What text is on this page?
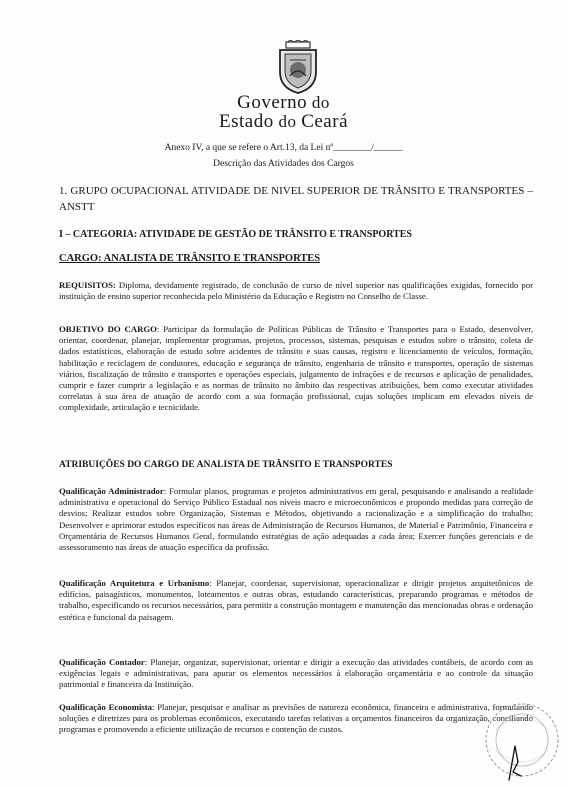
Governo do
Estado do Ceará
Anexo IV, a que se refere o Art.13, da Lei nº________/______
Descrição das Atividades dos Cargos
1. GRUPO OCUPACIONAL ATIVIDADE DE NIVEL SUPERIOR DE TRÂNSITO E TRANSPORTES – ANSTT
I – CATEGORIA: ATIVIDADE DE GESTÃO DE TRÂNSITO E TRANSPORTES
CARGO: ANALISTA DE TRÂNSITO E TRANSPORTES
REQUISITOS: Diploma, devidamente registrado, de conclusão de curso de nível superior nas qualificações exigidas, fornecido por instituição de ensino superior reconhecida pelo Ministério da Educação e Registro no Conselho de Classe.
OBJETIVO DO CARGO: Participar da formulação de Políticas Públicas de Trânsito e Transportes para o Estado, desenvolver, orientar, coordenar, planejar, implementar programas, projetos, processos, sistemas, pesquisas e estudos sobre o trânsito, coleta de dados estatísticos, elaboração de estudo sobre acidentes de trânsito e suas causas, registro e licenciamento de veículos, formação, habilitação e reciclagem de condutores, educação e segurança de trânsito, engenharia de trânsito e transportes, operação de sistemas viários, fiscalização de trânsito e transportes e operações especiais, julgamento de infrações e de recursos e aplicação de penalidades, cumprir e fazer cumprir a legislação e as normas de trânsito no âmbito das respectivas atribuições, bem como executar atividades correlatas à sua área de atuação de acordo com a sua formação profissional, cujas soluções implicam em elevados níveis de complexidade, articulação e tecnicidade.
ATRIBUIÇÕES DO CARGO DE ANALISTA DE TRÂNSITO E TRANSPORTES
Qualificação Administrador: Formular planos, programas e projetos administrativos em geral, pesquisando e analisando a realidade administrativa e operacional do Serviço Público Estadual nos níveis macro e microeconômicos e propondo medidas para correção de desvios; Realizar estudos sobre Organização, Sistemas e Métodos, objetivando a racionalização e a simplificação do trabalho; Desenvolver e aprimorar estudos específicos nas áreas de Administração de Recursos Humanos, de Material e Patrimônio, Financeira e Orçamentária de Recursos Humanos Geral, formulando estratégias de ação adequadas a cada área; Exercer funções gerenciais e de assessoramento nas áreas de atuação específica da profissão.
Qualificação Arquitetura e Urbanismo: Planejar, coordenar, supervisionar, operacionalizar e dirigir projetos arquitetônicos de edifícios, paisagísticos, monumentos, loteamentos e outras obras, estudando características, preparando programas e métodos de trabalho, especificando os recursos necessários, para permitir a construção montagem e manutenção das mencionadas obras e ordenação estética e funcional da paisagem.
Qualificação Contador: Planejar, organizar, supervisionar, orientar e dirigir a execução das atividades contábeis, de acordo com as exigências legais e administrativas, para apurar os elementos necessários à elaboração orçamentária e ao controle da situação patrimonial e financeira da Instituição.
Qualificação Economista: Planejar, pesquisar e analisar as previsões de natureza econômica, financeira e administrativa, formulando soluções e diretrizes para os problemas econômicos, executando tarefas relativas a orçamentos financeiros da organização, conciliando programas e promovendo a eficiente utilização de recursos e contenção de custos.
